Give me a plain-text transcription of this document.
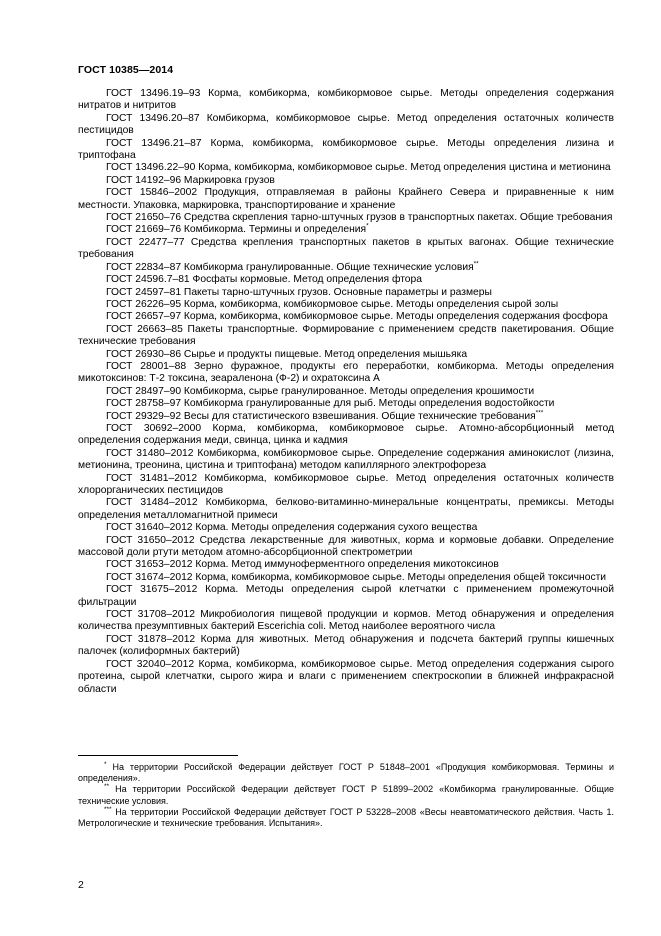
ГОСТ 10385—2014

ГОСТ 13496.19–93 Корма, комбикорма, комбикормовое сырье. Методы определения содержания нитратов и нитритов

ГОСТ 13496.20–87 Комбикорма, комбикормовое сырье. Метод определения остаточных количеств пестицидов

ГОСТ 13496.21–87 Корма, комбикорма, комбикормовое сырье. Методы определения лизина и триптофана

ГОСТ 13496.22–90 Корма, комбикорма, комбикормовое сырье. Метод определения цистина и метионина

ГОСТ 14192–96 Маркировка грузов

ГОСТ 15846–2002 Продукция, отправляемая в районы Крайнего Севера и приравненные к ним местности. Упаковка, маркировка, транспортирование и хранение

ГОСТ 21650–76 Средства скрепления тарно-штучных грузов в транспортных пакетах. Общие требования

ГОСТ 21669–76 Комбикорма. Термины и определения*

ГОСТ 22477–77 Средства крепления транспортных пакетов в крытых вагонах. Общие технические требования

ГОСТ 22834–87 Комбикорма гранулированные. Общие технические условия**

ГОСТ 24596.7–81 Фосфаты кормовые. Метод определения фтора

ГОСТ 24597–81 Пакеты тарно-штучных грузов. Основные параметры и размеры

ГОСТ 26226–95 Корма, комбикорма, комбикормовое сырье. Методы определения сырой золы

ГОСТ 26657–97 Корма, комбикорма, комбикормовое сырье. Методы определения содержания фосфора

ГОСТ 26663–85 Пакеты транспортные. Формирование с применением средств пакетирования. Общие технические требования

ГОСТ 26930–86 Сырье и продукты пищевые. Метод определения мышьяка

ГОСТ 28001–88 Зерно фуражное, продукты его переработки, комбикорма. Методы определения микотоксинов: Т-2 токсина, зеараленона (Ф-2) и охратоксина А

ГОСТ 28497–90 Комбикорма, сырье гранулированное. Методы определения крошимости

ГОСТ 28758–97 Комбикорма гранулированные для рыб. Методы определения водостойкости

ГОСТ 29329–92 Весы для статистического взвешивания. Общие технические требования***

ГОСТ 30692–2000 Корма, комбикорма, комбикормовое сырье. Атомно-абсорбционный метод определения содержания меди, свинца, цинка и кадмия

ГОСТ 31480–2012 Комбикорма, комбикормовое сырье. Определение содержания аминокислот (лизина, метионина, треонина, цистина и триптофана) методом капиллярного электрофореза

ГОСТ 31481–2012 Комбикорма, комбикормовое сырье. Метод определения остаточных количеств хлорорганических пестицидов

ГОСТ 31484–2012 Комбикорма, белково-витаминно-минеральные концентраты, премиксы. Методы определения металломагнитной примеси

ГОСТ 31640–2012 Корма. Методы определения содержания сухого вещества

ГОСТ 31650–2012 Средства лекарственные для животных, корма и кормовые добавки. Определение массовой доли ртути методом атомно-абсорбционной спектрометрии

ГОСТ 31653–2012 Корма. Метод иммуноферментного определения микотоксинов

ГОСТ 31674–2012 Корма, комбикорма, комбикормовое сырье. Методы определения общей токсичности

ГОСТ 31675–2012 Корма. Методы определения сырой клетчатки с применением промежуточной фильтрации

ГОСТ 31708–2012 Микробиология пищевой продукции и кормов. Метод обнаружения и определения количества презумптивных бактерий Escerichia coli. Метод наиболее вероятного числа

ГОСТ 31878–2012 Корма для животных. Метод обнаружения и подсчета бактерий группы кишечных палочек (колиформных бактерий)

ГОСТ 32040–2012 Корма, комбикорма, комбикормовое сырье. Метод определения содержания сырого протеина, сырой клетчатки, сырого жира и влаги с применением спектроскопии в ближней инфракрасной области

* На территории Российской Федерации действует ГОСТ Р 51848–2001 «Продукция комбикормовая. Термины и определения».

** На территории Российской Федерации действует ГОСТ Р 51899–2002 «Комбикорма гранулированные. Общие технические условия.

*** На территории Российской Федерации действует ГОСТ Р 53228–2008 «Весы неавтоматического действия. Часть 1. Метрологические и технические требования. Испытания».

2
